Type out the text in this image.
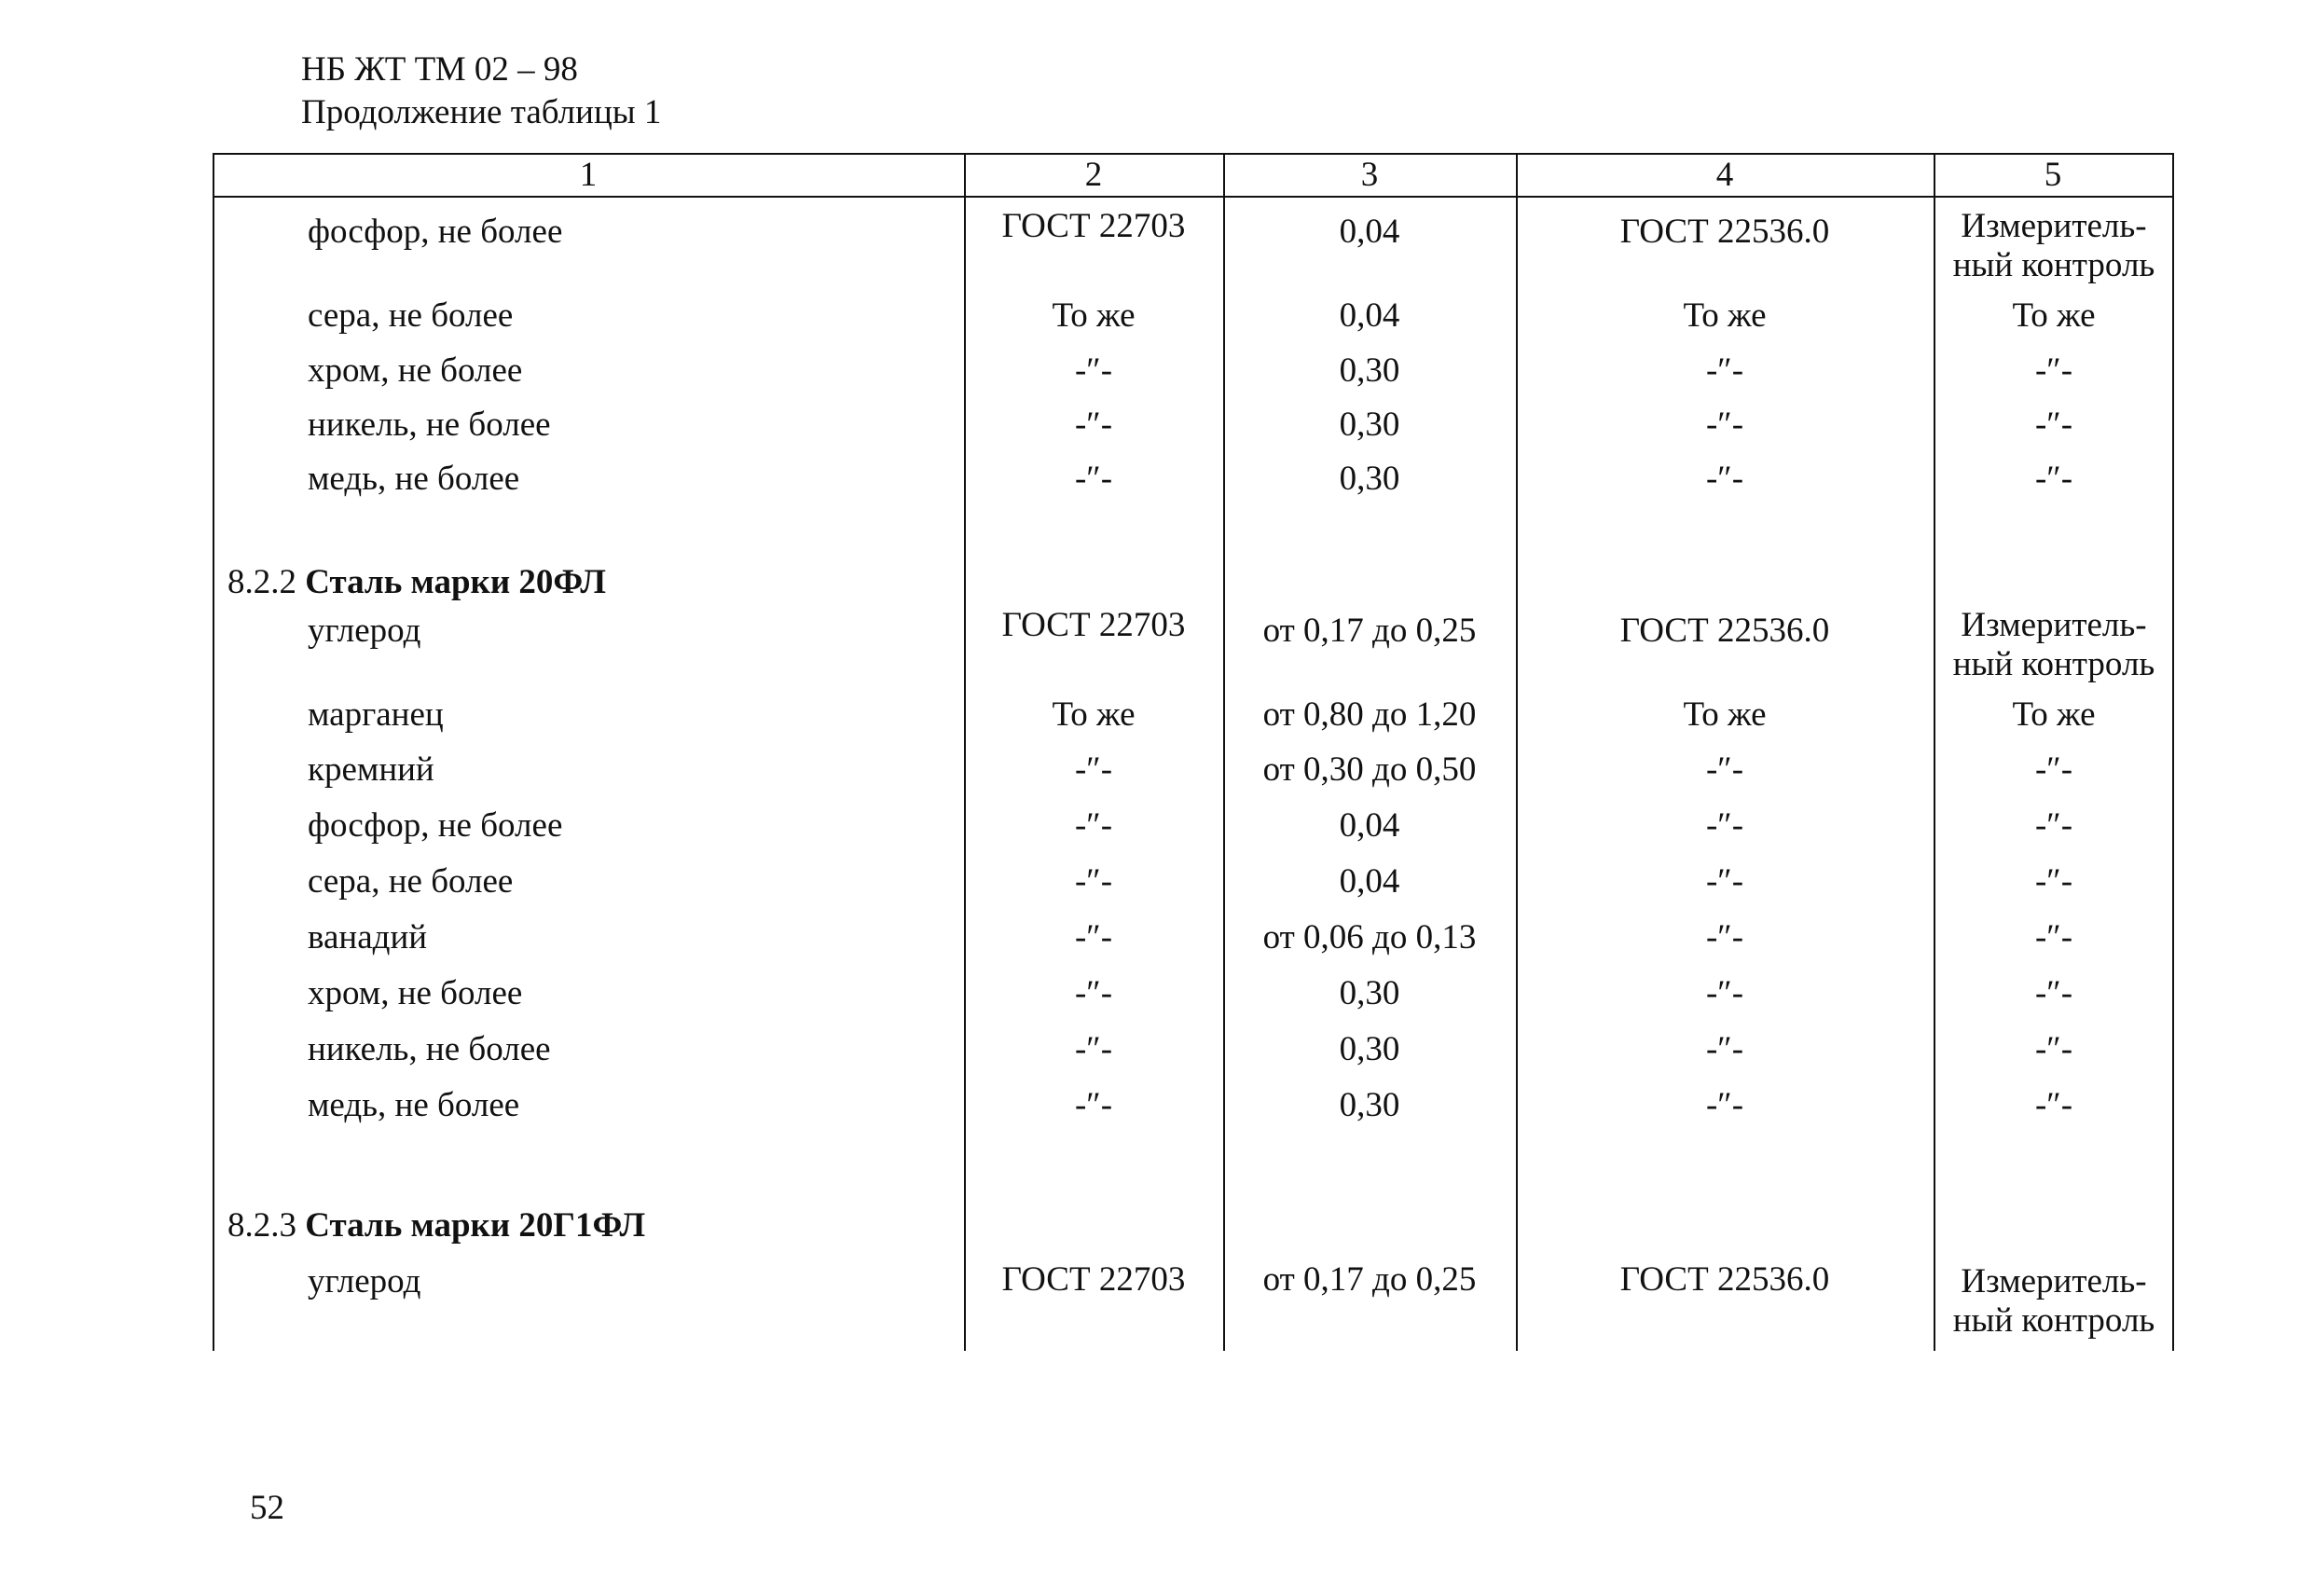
НБ ЖТ ТМ 02 – 98
Продолжение таблицы 1
1	2	3	4	5
фосфор, не более	ГОСТ 22703	0,04	ГОСТ 22536.0	Измеритель-ный контроль
сера, не более	То же	0,04	То же	То же
хром, не более	-″-	0,30	-″-	-″-
никель, не более	-″-	0,30	-″-	-″-
медь, не более	-″-	0,30	-″-	-″-
8.2.2 Сталь марки 20ФЛ
углерод	ГОСТ 22703	от 0,17 до 0,25	ГОСТ 22536.0	Измеритель-ный контроль
марганец	То же	от 0,80 до 1,20	То же	То же
кремний	-″-	от 0,30 до 0,50	-″-	-″-
фосфор, не более	-″-	0,04	-″-	-″-
сера, не более	-″-	0,04	-″-	-″-
ванадий	-″-	от 0,06 до 0,13	-″-	-″-
хром, не более	-″-	0,30	-″-	-″-
никель, не более	-″-	0,30	-″-	-″-
медь, не более	-″-	0,30	-″-	-″-
8.2.3 Сталь марки 20Г1ФЛ
углерод	ГОСТ 22703	от 0,17 до 0,25	ГОСТ 22536.0	Измеритель-ный контроль
52
